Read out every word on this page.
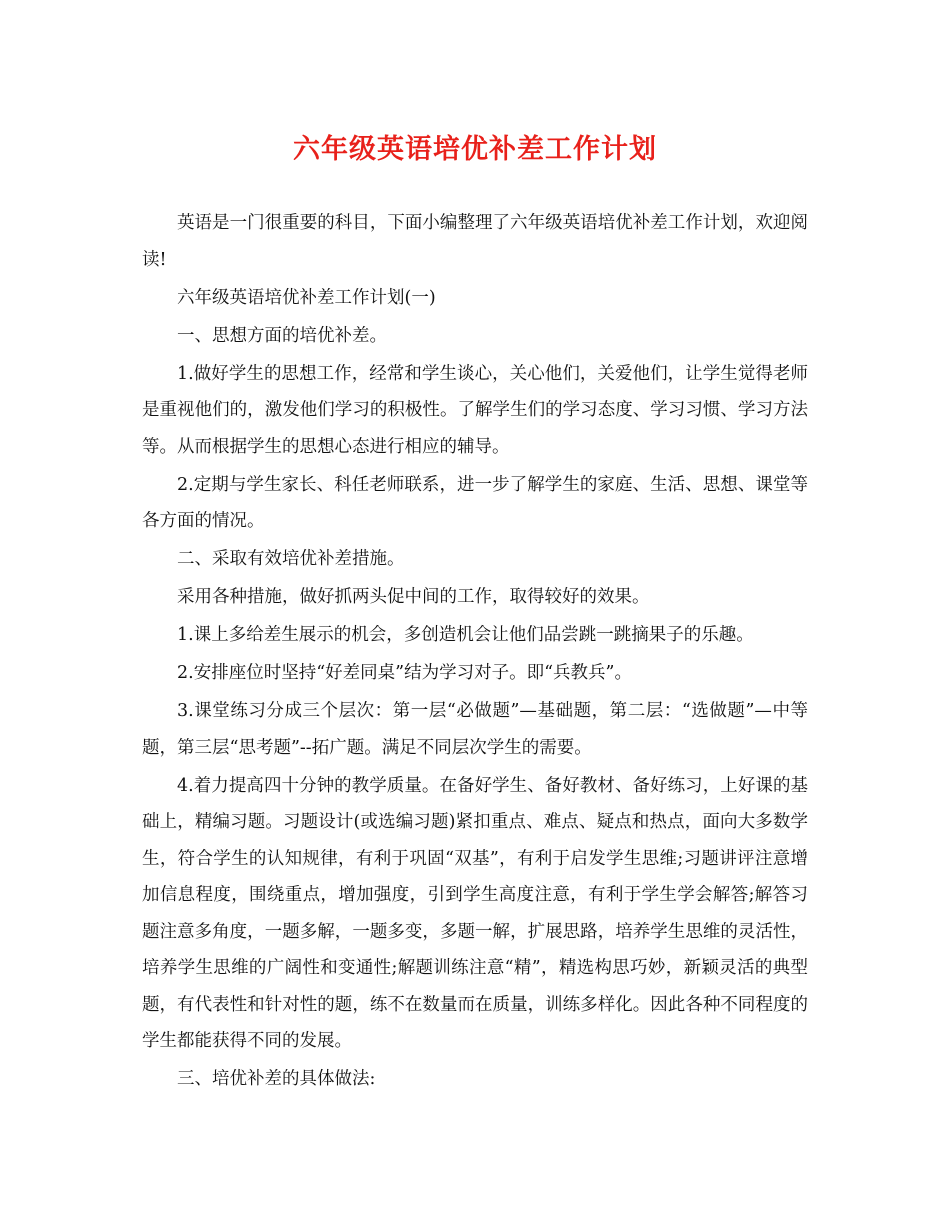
六年级英语培优补差工作计划

英语是一门很重要的科目，下面小编整理了六年级英语培优补差工作计划，欢迎阅读!

六年级英语培优补差工作计划(一)

一、思想方面的培优补差。

1.做好学生的思想工作，经常和学生谈心，关心他们，关爱他们，让学生觉得老师是重视他们的，激发他们学习的积极性。了解学生们的学习态度、学习习惯、学习方法等。从而根据学生的思想心态进行相应的辅导。

2.定期与学生家长、科任老师联系，进一步了解学生的家庭、生活、思想、课堂等各方面的情况。

二、采取有效培优补差措施。

采用各种措施，做好抓两头促中间的工作，取得较好的效果。

1.课上多给差生展示的机会，多创造机会让他们品尝跳一跳摘果子的乐趣。

2.安排座位时坚持“好差同桌”结为学习对子。即“兵教兵”。

3.课堂练习分成三个层次：第一层“必做题”—基础题，第二层：“选做题”—中等题，第三层“思考题”--拓广题。满足不同层次学生的需要。

4.着力提高四十分钟的教学质量。在备好学生、备好教材、备好练习，上好课的基础上，精编习题。习题设计(或选编习题)紧扣重点、难点、疑点和热点，面向大多数学生，符合学生的认知规律，有利于巩固“双基”，有利于启发学生思维;习题讲评注意增加信息程度，围绕重点，增加强度，引到学生高度注意，有利于学生学会解答;解答习题注意多角度，一题多解，一题多变，多题一解，扩展思路，培养学生思维的灵活性，培养学生思维的广阔性和变通性;解题训练注意“精”，精选构思巧妙，新颖灵活的典型题，有代表性和针对性的题，练不在数量而在质量，训练多样化。因此各种不同程度的学生都能获得不同的发展。

三、培优补差的具体做法:
